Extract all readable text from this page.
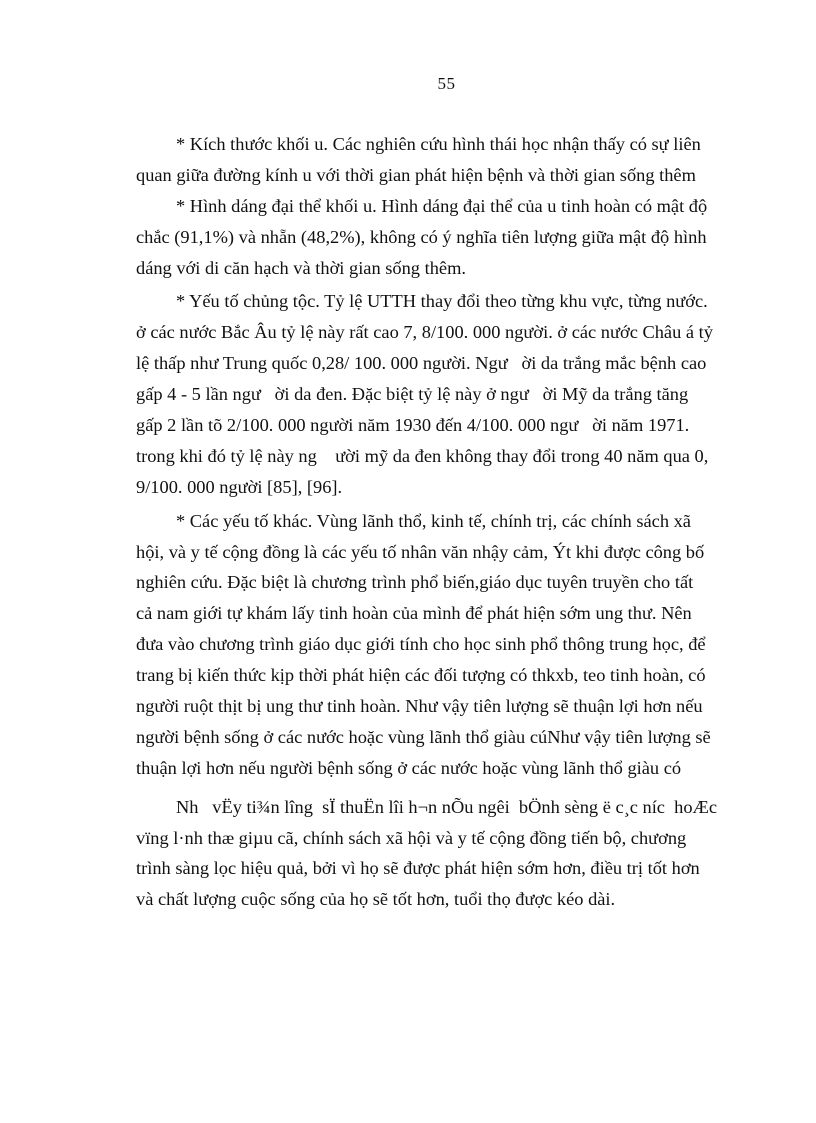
55
* Kích thước khối u. Các nghiên cứu hình thái học nhận thấy có sự liên
quan giữa đường kính u với thời gian phát hiện bệnh và thời gian sống thêm
* Hình dáng đại thể khối u. Hình dáng đại thể của u tinh hoàn có mật độ
chắc (91,1%) và nhẵn (48,2%), không có ý nghĩa tiên lượng giữa mật độ hình
dáng với di căn hạch và thời gian sống thêm.
* Yếu tố chủng tộc. Tỷ lệ UTTH thay đổi theo từng khu vực, từng nước.
ở các nước Bắc Âu tỷ lệ này rất cao 7, 8/100. 000 người. ở các nước Châu á tỷ
lệ thấp như Trung quốc 0,28/ 100. 000 người. Ngư   ời da trắng mắc bệnh cao
gấp 4 - 5 lần ngư   ời da đen. Đặc biệt tỷ lệ này ở ngư   ời Mỹ da trắng tăng
gấp 2 lần tõ 2/100. 000 người năm 1930 đến 4/100. 000 ngư   ời năm 1971.
trong khi đó tỷ lệ này ng    ười mỹ da đen không thay đổi trong 40 năm qua 0,
9/100. 000 người [85], [96].
* Các yếu tố khác. Vùng lãnh thổ, kinh tế, chính trị, các chính sách xã
hội, và y tế cộng đồng là các yếu tố nhân văn nhậy cảm, Ýt khi được công bố
nghiên cứu. Đặc biệt là chương trình phổ biến,giáo dục tuyên truyền cho tất
cả nam giới tự khám lấy tinh hoàn của mình để phát hiện sớm ung thư. Nên
đưa vào chương trình giáo dục giới tính cho học sinh phổ thông trung học, để
trang bị kiến thức kịp thời phát hiện các đối tượng có thkxb, teo tinh hoàn, có
người ruột thịt bị ung thư tinh hoàn. Như vậy tiên lượng sẽ thuận lợi hơn nếu
người bệnh sống ở các nước hoặc vùng lãnh thổ giàu cúNhư vậy tiên lượng sẽ
thuận lợi hơn nếu người bệnh sống ở các nước hoặc vùng lãnh thổ giàu có
Nh   vËy ti¾n lîng  sÏ thuËn lîi h¬n nÕu ngêi  bÖnh sèng ë c¸c níc  hoÆc
vïng l·nh thæ giµu cã, chính sách xã hội và y tế cộng đồng tiến bộ, chương
trình sàng lọc hiệu quả, bởi vì họ sẽ được phát hiện sớm hơn, điều trị tốt hơn
và chất lượng cuộc sống của họ sẽ tốt hơn, tuổi thọ được kéo dài.
